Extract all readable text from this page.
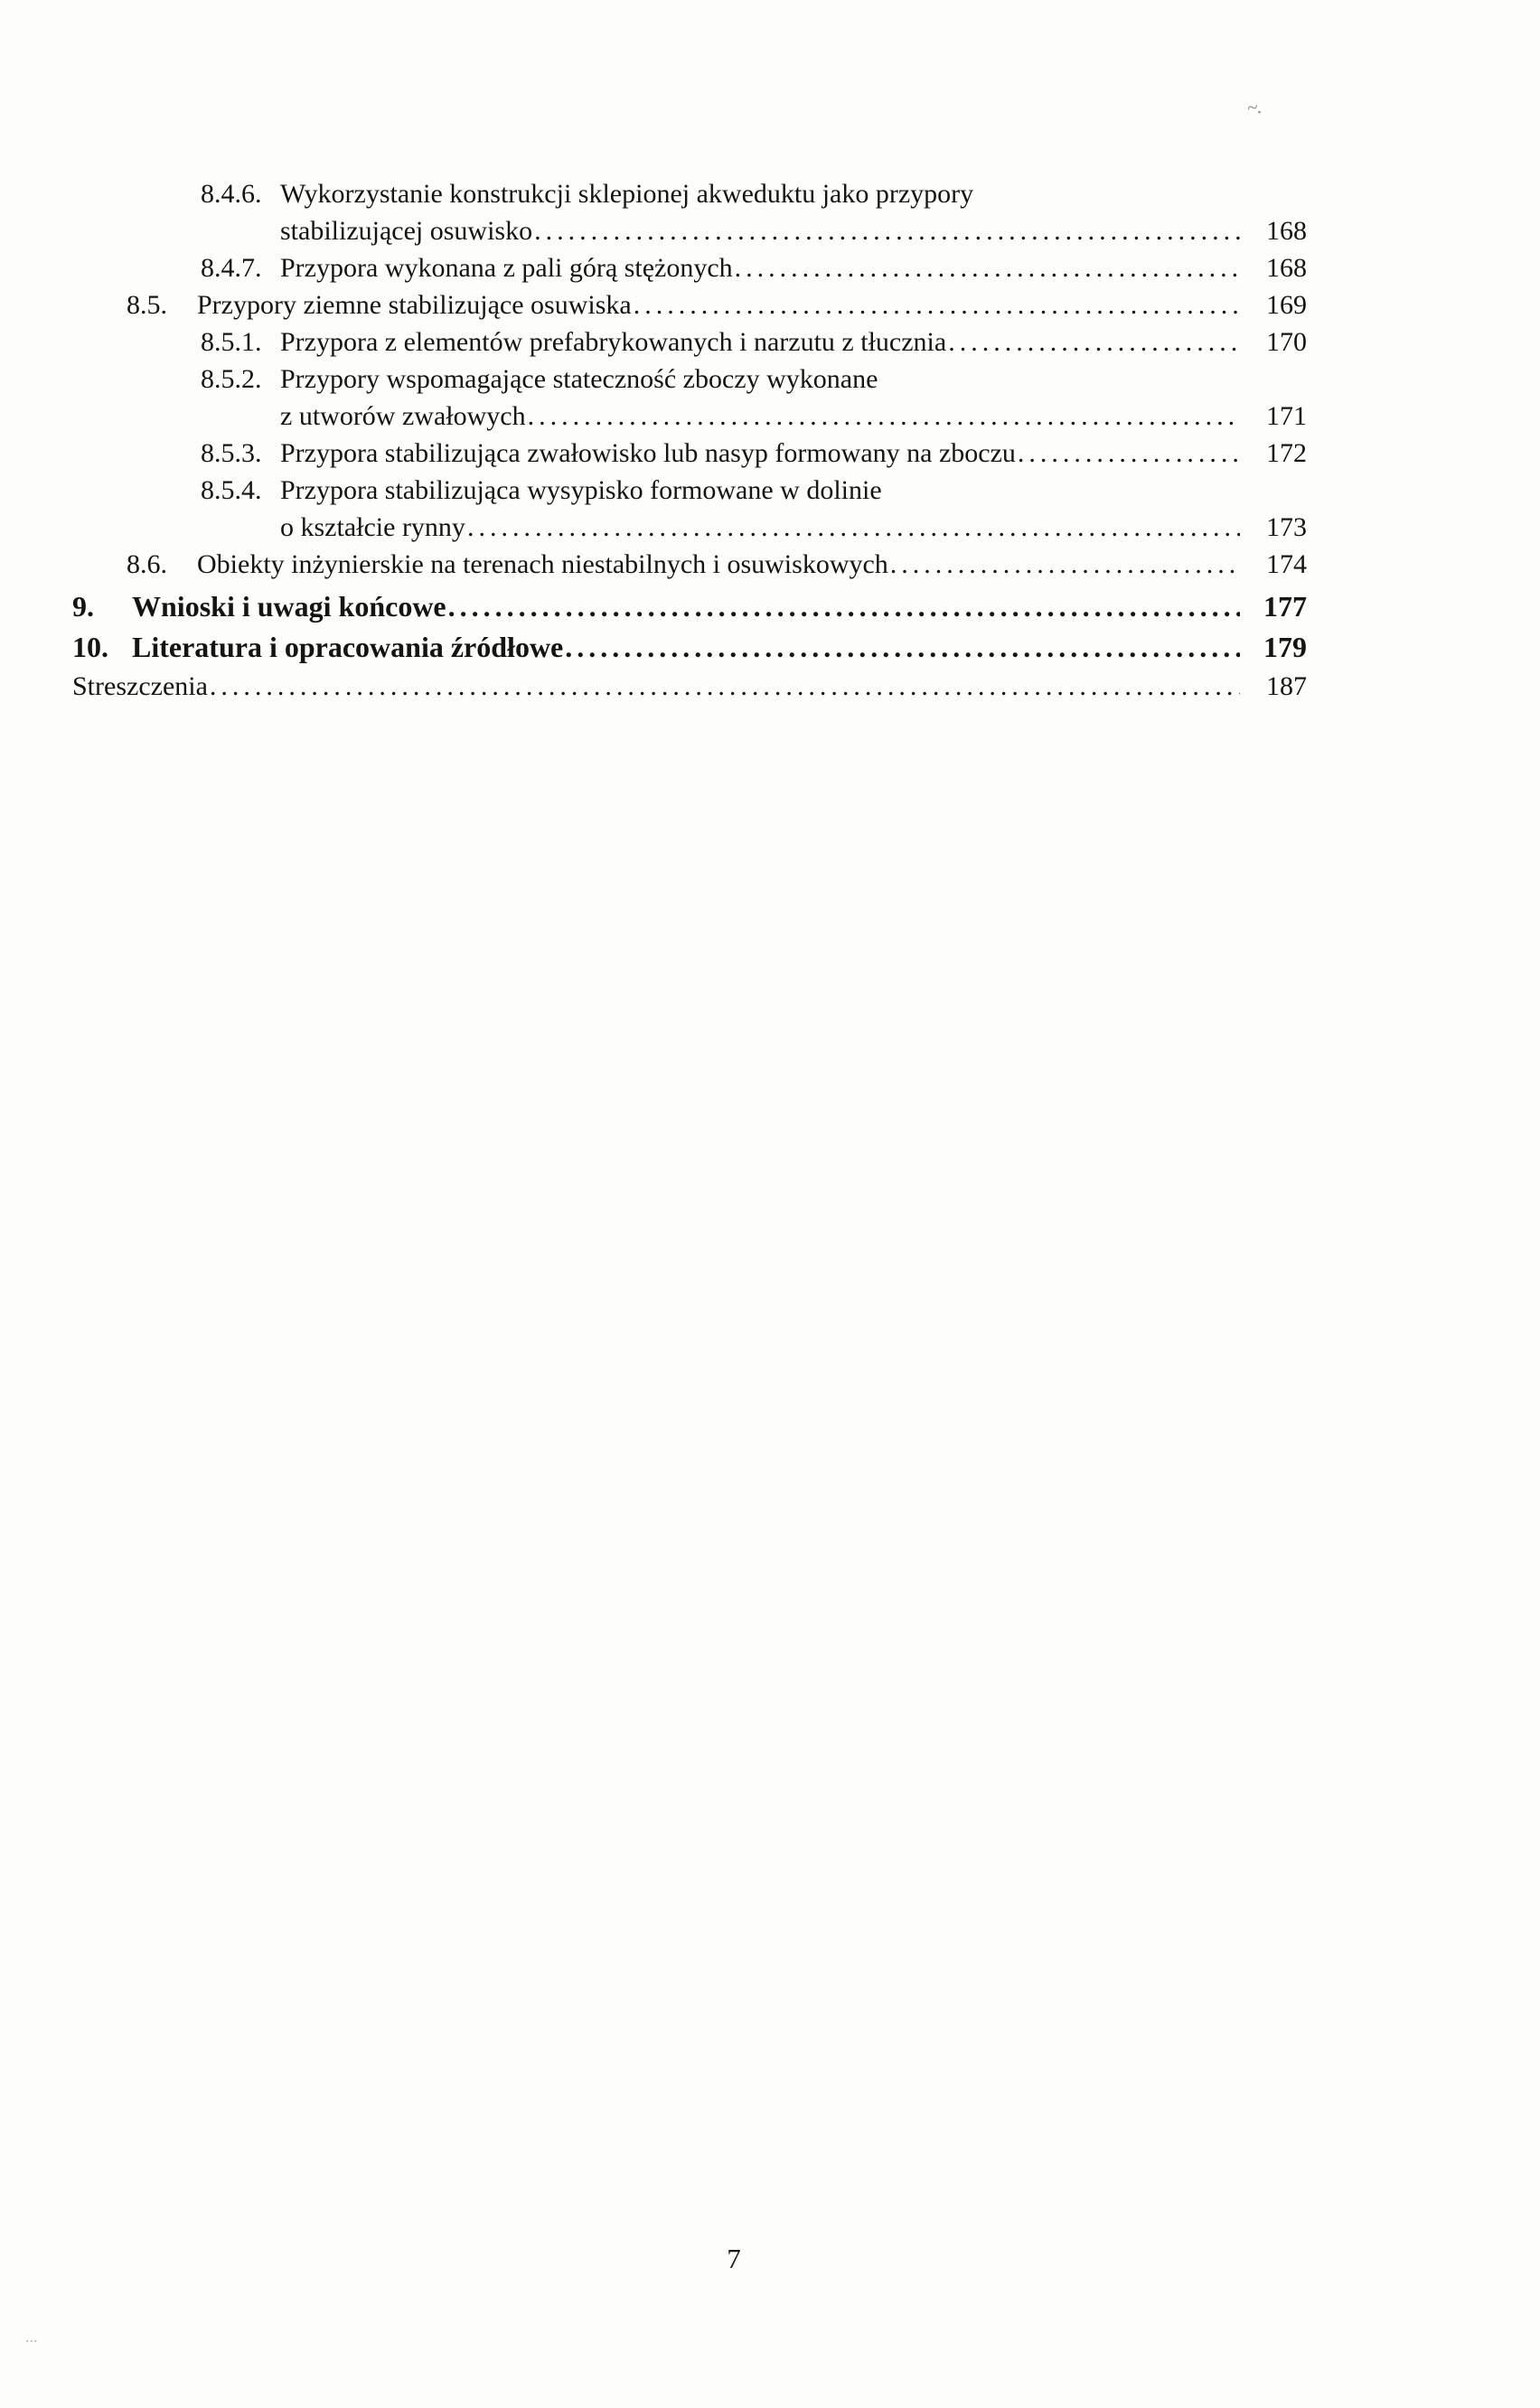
8.4.6. Wykorzystanie konstrukcji sklepionej akweduktu jako przypory
stabilizującej osuwisko .....	168
8.4.7. Przypora wykonana z pali górą stężonych .....	168
8.5.	Przypory ziemne stabilizujące osuwiska .....	169
8.5.1. Przypora z elementów prefabrykowanych i narzutu z tłucznia .....	170
8.5.2. Przypory wspomagające stateczność zboczy wykonane
z utworów zwałowych .....	171
8.5.3. Przypora stabilizująca zwałowisko lub nasyp formowany na zboczu .....	172
8.5.4. Przypora stabilizująca wysypisko formowane w dolinie
o kształcie rynny .....	173
8.6.	Obiekty inżynierskie na terenach niestabilnych i osuwiskowych .....	174
9.	Wnioski i uwagi końcowe .....	177
10. Literatura i opracowania źródłowe .....	179
Streszczenia .....	187
7
~.
...
